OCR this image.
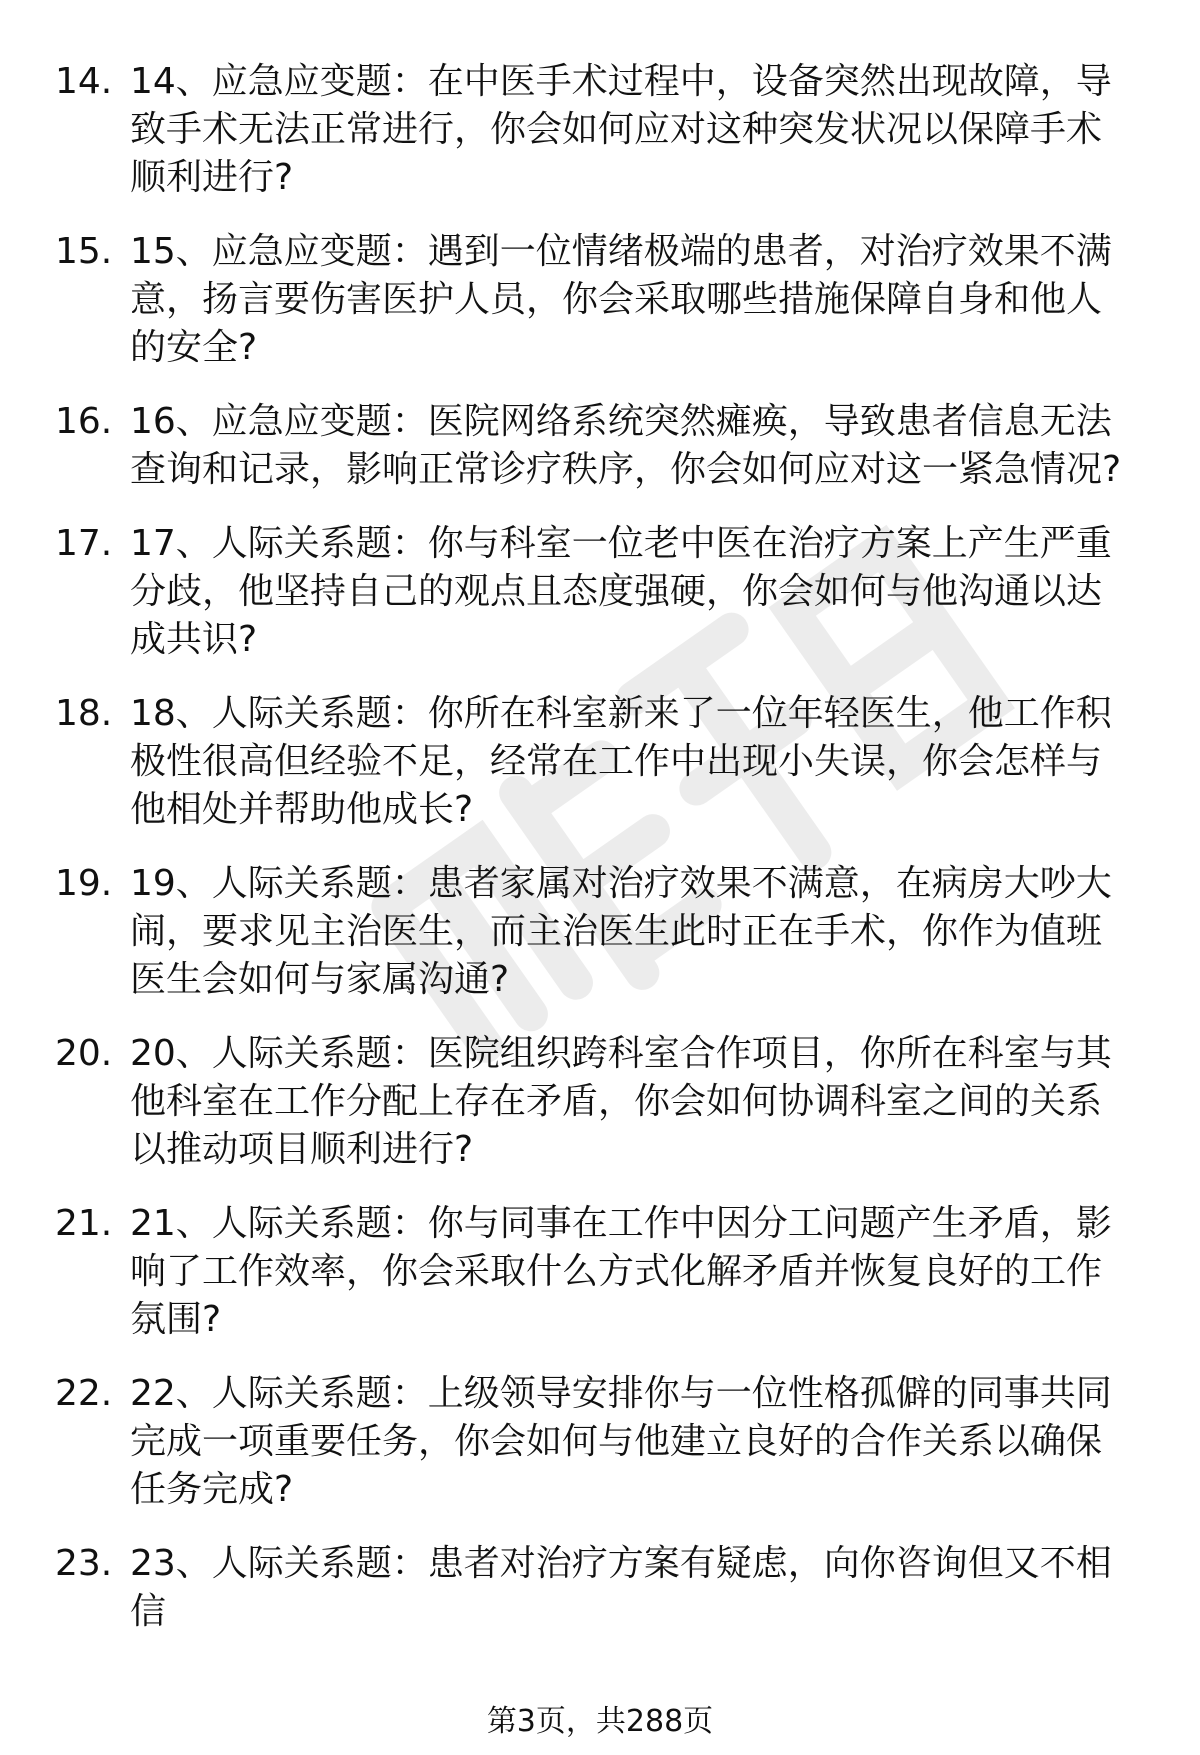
14. 14、应急应变题：在中医手术过程中，设备突然出现故障，导致手术无法正常进行，你会如何应对这种突发状况以保障手术顺利进行?
15. 15、应急应变题：遇到一位情绪极端的患者，对治疗效果不满意，扬言要伤害医护人员，你会采取哪些措施保障自身和他人的安全?
16. 16、应急应变题：医院网络系统突然瘫痪，导致患者信息无法查询和记录，影响正常诊疗秩序，你会如何应对这一紧急情况?
17. 17、人际关系题：你与科室一位老中医在治疗方案上产生严重分歧，他坚持自己的观点且态度强硬，你会如何与他沟通以达成共识?
18. 18、人际关系题：你所在科室新来了一位年轻医生，他工作积极性很高但经验不足，经常在工作中出现小失误，你会怎样与他相处并帮助他成长?
19. 19、人际关系题：患者家属对治疗效果不满意，在病房大吵大闹，要求见主治医生，而主治医生此时正在手术，你作为值班医生会如何与家属沟通?
20. 20、人际关系题：医院组织跨科室合作项目，你所在科室与其他科室在工作分配上存在矛盾，你会如何协调科室之间的关系以推动项目顺利进行?
21. 21、人际关系题：你与同事在工作中因分工问题产生矛盾，影响了工作效率，你会采取什么方式化解矛盾并恢复良好的工作氛围?
22. 22、人际关系题：上级领导安排你与一位性格孤僻的同事共同完成一项重要任务，你会如何与他建立良好的合作关系以确保任务完成?
23. 23、人际关系题：患者对治疗方案有疑虑，向你咨询但又不相信
第3页，共288页
